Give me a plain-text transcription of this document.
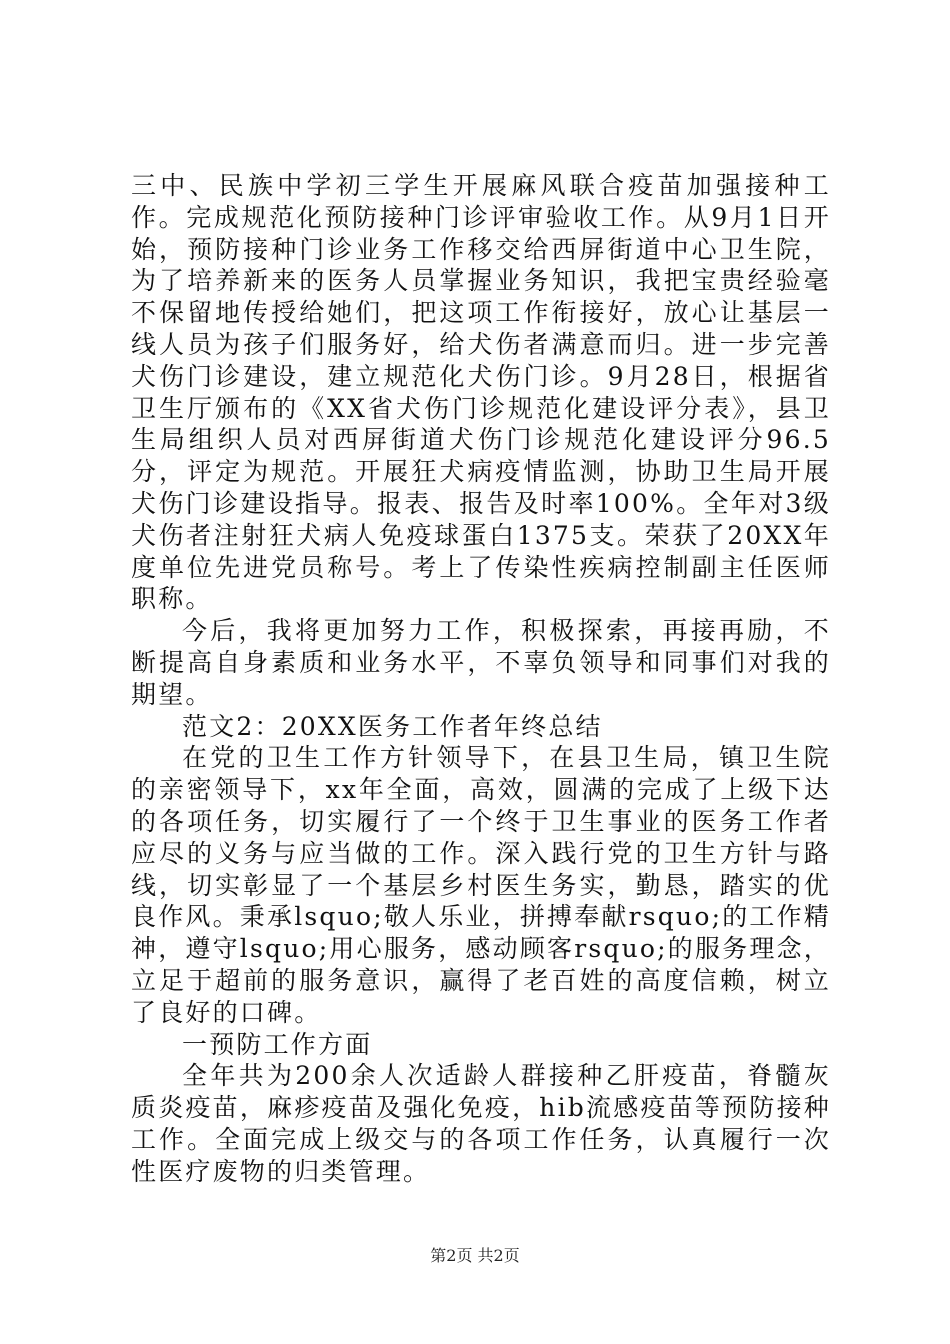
三中、民族中学初三学生开展麻风联合疫苗加强接种工作。完成规范化预防接种门诊评审验收工作。从9月1日开始，预防接种门诊业务工作移交给西屏街道中心卫生院，为了培养新来的医务人员掌握业务知识，我把宝贵经验毫不保留地传授给她们，把这项工作衔接好，放心让基层一线人员为孩子们服务好，给犬伤者满意而归。进一步完善犬伤门诊建设，建立规范化犬伤门诊。9月28日，根据省卫生厅颁布的《XX省犬伤门诊规范化建设评分表》，县卫生局组织人员对西屏街道犬伤门诊规范化建设评分96.5分，评定为规范。开展狂犬病疫情监测，协助卫生局开展犬伤门诊建设指导。报表、报告及时率100%。全年对3级犬伤者注射狂犬病人免疫球蛋白1375支。荣获了20XX年度单位先进党员称号。考上了传染性疾病控制副主任医师职称。

今后，我将更加努力工作，积极探索，再接再励，不断提高自身素质和业务水平，不辜负领导和同事们对我的期望。

范文2：20XX医务工作者年终总结

在党的卫生工作方针领导下，在县卫生局，镇卫生院的亲密领导下，xx年全面，高效，圆满的完成了上级下达的各项任务，切实履行了一个终于卫生事业的医务工作者应尽的义务与应当做的工作。深入践行党的卫生方针与路线，切实彰显了一个基层乡村医生务实，勤恳，踏实的优良作风。秉承lsquo;敬人乐业，拼搏奉献rsquo;的工作精神，遵守lsquo;用心服务，感动顾客rsquo;的服务理念，立足于超前的服务意识，赢得了老百姓的高度信赖，树立了良好的口碑。

一预防工作方面

全年共为200余人次适龄人群接种乙肝疫苗，脊髓灰质炎疫苗，麻疹疫苗及强化免疫，hib流感疫苗等预防接种工作。全面完成上级交与的各项工作任务，认真履行一次性医疗废物的归类管理。

第2页 共2页
